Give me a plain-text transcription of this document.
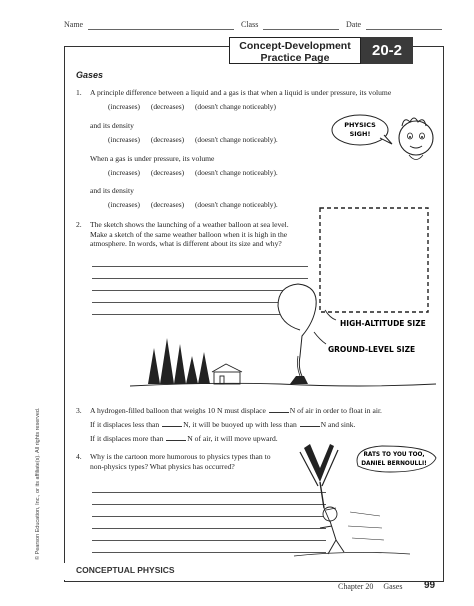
Name	Class	Date
Concept-Development
Practice Page	20-2
Gases
1. A principle difference between a liquid and a gas is that when a liquid is under pressure, its volume
(increases) (decreases) (doesn't change noticeably)
and its density
(increases) (decreases) (doesn't change noticeably).
When a gas is under pressure, its volume
(increases) (decreases) (doesn't change noticeably).
and its density
(increases) (decreases) (doesn't change noticeably).
PHYSICS
SIGH!
2. The sketch shows the launching of a weather balloon at sea level. Make a sketch of the same weather balloon when it is high in the atmosphere. In words, what is different about its size and why?
HIGH-ALTITUDE SIZE
GROUND-LEVEL SIZE
3. A hydrogen-filled balloon that weighs 10 N must displace	N of air in order to float in air.
If it displaces less than	N, it will be buoyed up with less than	N and sink.
If it displaces more than	N of air, it will move upward.
4. Why is the cartoon more humorous to physics types than to non-physics types? What physics has occurred?
RATS TO YOU TOO,
DANIEL BERNOULLI!
CONCEPTUAL PHYSICS
Chapter 20 Gases 99
© Pearson Education, Inc., or its affiliate(s). All rights reserved.
